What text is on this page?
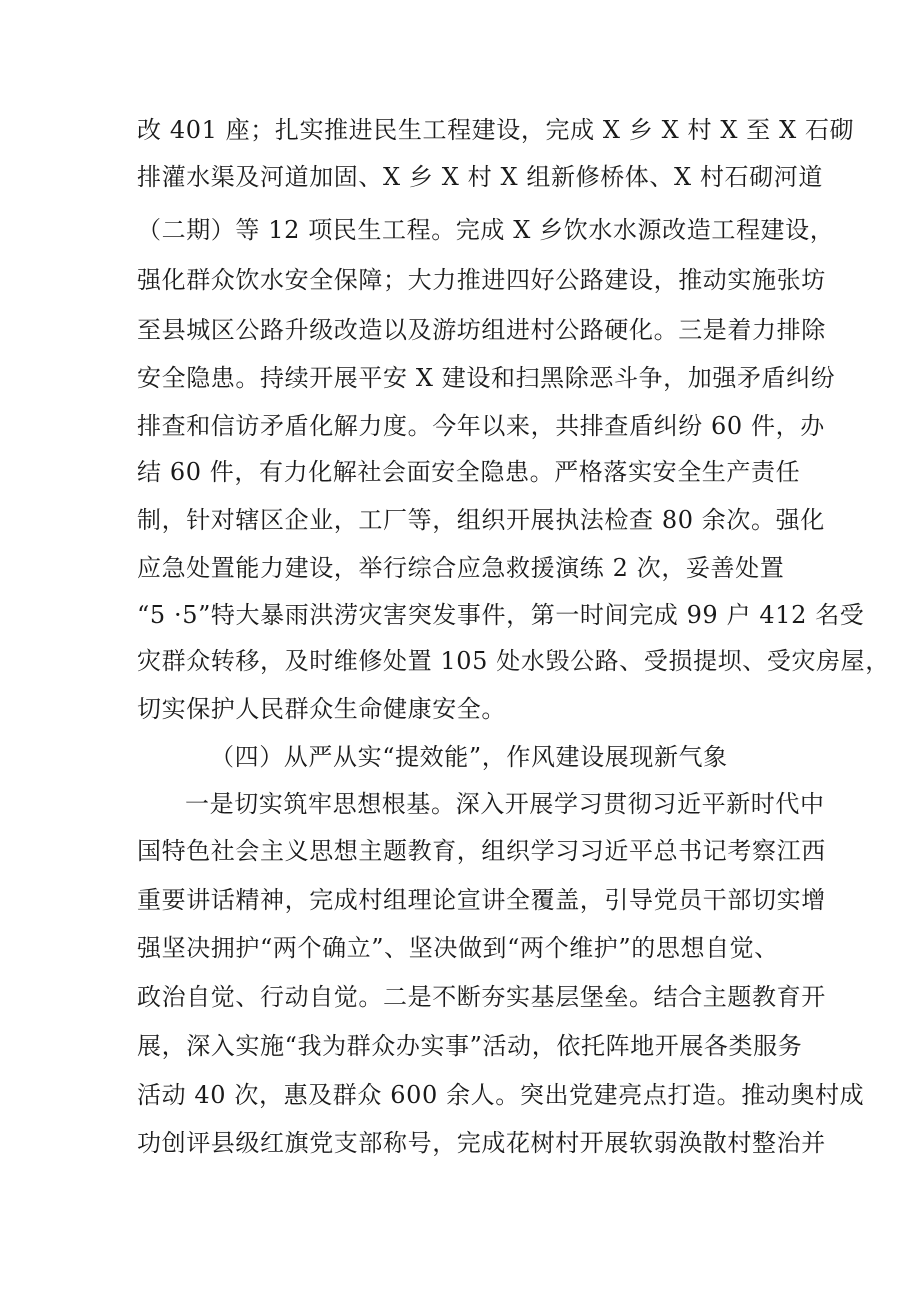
改 401 座；扎实推进民生工程建设，完成 X 乡 X 村 X 至 X 石砌
排灌水渠及河道加固、X 乡 X 村 X 组新修桥体、X 村石砌河道
（二期）等 12 项民生工程。完成 X 乡饮水水源改造工程建设，
强化群众饮水安全保障；大力推进四好公路建设，推动实施张坊
至县城区公路升级改造以及游坊组进村公路硬化。三是着力排除
安全隐患。持续开展平安 X 建设和扫黑除恶斗争，加强矛盾纠纷
排查和信访矛盾化解力度。今年以来，共排查盾纠纷 60 件，办
结 60 件，有力化解社会面安全隐患。严格落实安全生产责任
制，针对辖区企业，工厂等，组织开展执法检查 80 余次。强化
应急处置能力建设，举行综合应急救援演练 2 次，妥善处置
“5 ·5”特大暴雨洪涝灾害突发事件，第一时间完成 99 户 412 名受
灾群众转移，及时维修处置 105 处水毁公路、受损提坝、受灾房屋，
切实保护人民群众生命健康安全。
（四）从严从实“提效能”，作风建设展现新气象
一是切实筑牢思想根基。深入开展学习贯彻习近平新时代中
国特色社会主义思想主题教育，组织学习习近平总书记考察江西
重要讲话精神，完成村组理论宣讲全覆盖，引导党员干部切实增
强坚决拥护“两个确立”、坚决做到“两个维护”的思想自觉、
政治自觉、行动自觉。二是不断夯实基层堡垒。结合主题教育开
展，深入实施“我为群众办实事”活动，依托阵地开展各类服务
活动 40 次，惠及群众 600 余人。突出党建亮点打造。推动奥村成
功创评县级红旗党支部称号，完成花树村开展软弱涣散村整治并
